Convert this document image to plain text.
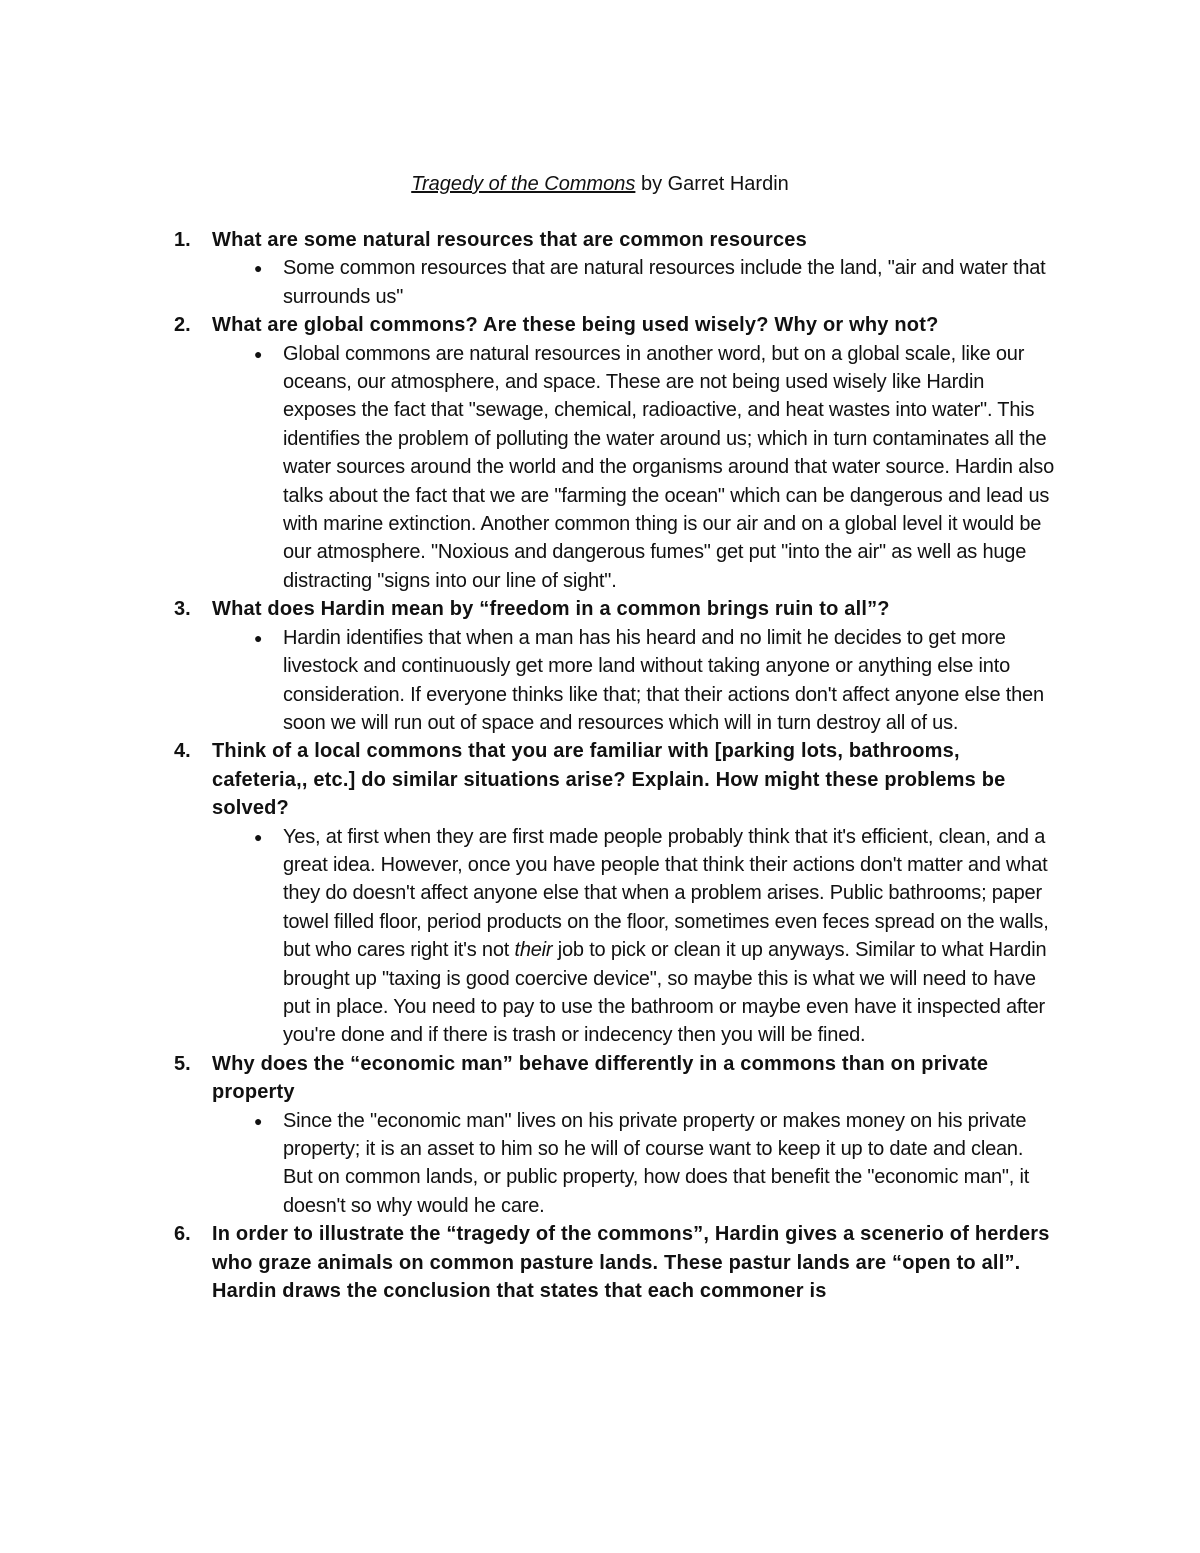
Tragedy of the Commons by Garret Hardin
1. What are some natural resources that are common resources
● Some common resources that are natural resources include the land, "air and water that surrounds us"
2. What are global commons? Are these being used wisely? Why or why not?
● Global commons are natural resources in another word, but on a global scale, like our oceans, our atmosphere, and space. These are not being used wisely like Hardin exposes the fact that "sewage, chemical, radioactive, and heat wastes into water". This identifies the problem of polluting the water around us; which in turn contaminates all the water sources around the world and the organisms around that water source. Hardin also talks about the fact that we are "farming the ocean" which can be dangerous and lead us with marine extinction. Another common thing is our air and on a global level it would be our atmosphere. "Noxious and dangerous fumes" get put "into the air" as well as huge distracting "signs into our line of sight".
3. What does Hardin mean by “freedom in a common brings ruin to all”?
● Hardin identifies that when a man has his heard and no limit he decides to get more livestock and continuously get more land without taking anyone or anything else into consideration. If everyone thinks like that; that their actions don't affect anyone else then soon we will run out of space and resources which will in turn destroy all of us.
4. Think of a local commons that you are familiar with [parking lots, bathrooms, cafeteria,, etc.] do similar situations arise? Explain. How might these problems be solved?
● Yes, at first when they are first made people probably think that it's efficient, clean, and a great idea. However, once you have people that think their actions don't matter and what they do doesn't affect anyone else that when a problem arises. Public bathrooms; paper towel filled floor, period products on the floor, sometimes even feces spread on the walls, but who cares right it's not their job to pick or clean it up anyways. Similar to what Hardin brought up "taxing is good coercive device", so maybe this is what we will need to have put in place. You need to pay to use the bathroom or maybe even have it inspected after you're done and if there is trash or indecency then you will be fined.
5. Why does the “economic man” behave differently in a commons than on private property
● Since the "economic man" lives on his private property or makes money on his private property; it is an asset to him so he will of course want to keep it up to date and clean. But on common lands, or public property, how does that benefit the "economic man", it doesn't so why would he care.
6. In order to illustrate the “tragedy of the commons”, Hardin gives a scenerio of herders who graze animals on common pasture lands. These pastur lands are “open to all”. Hardin draws the conclusion that states that each commoner is
